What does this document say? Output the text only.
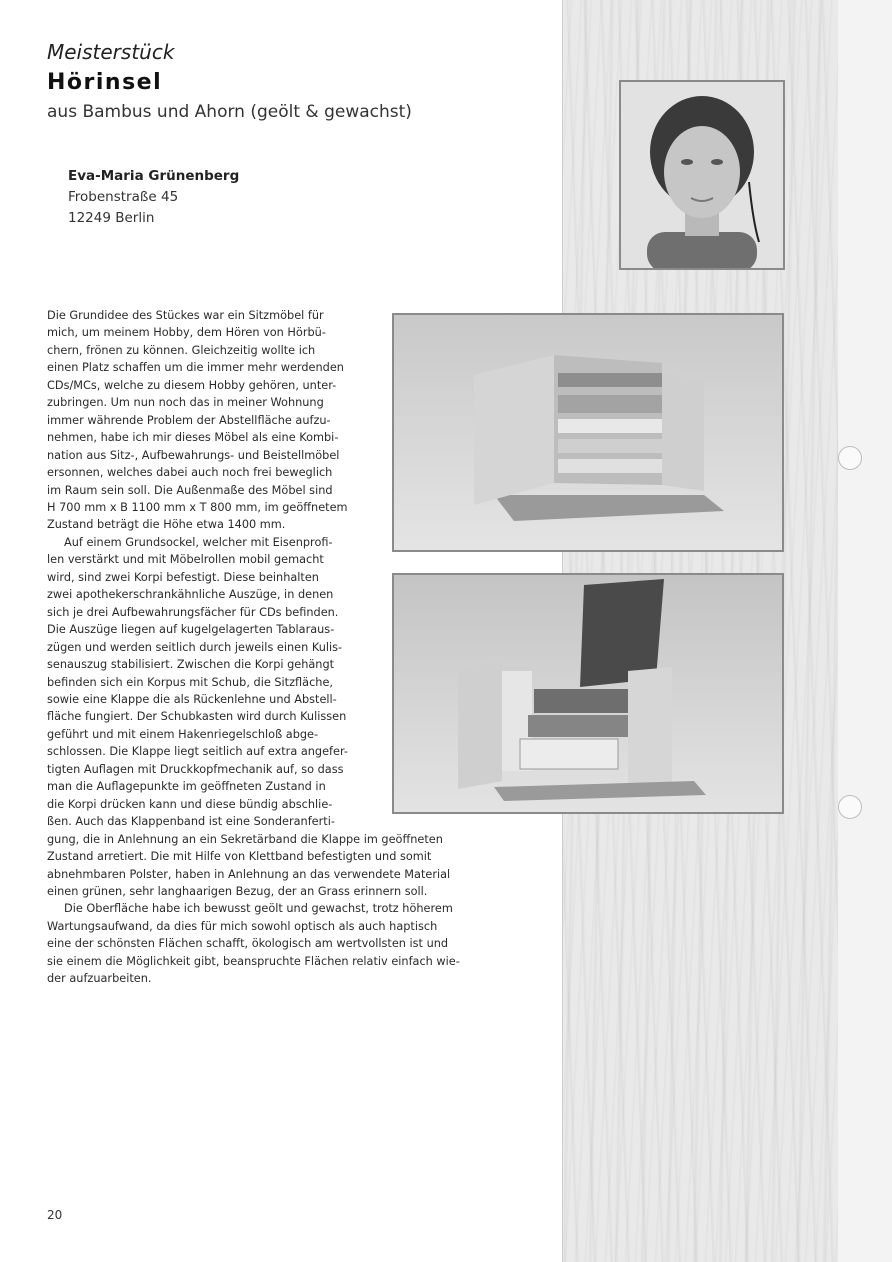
Meisterstück
Hörinsel
aus Bambus und Ahorn (geölt & gewachst)
Eva-Maria Grünenberg
Frobenstraße 45
12249 Berlin
Die Grundidee des Stückes war ein Sitzmöbel für
mich, um meinem Hobby, dem Hören von Hörbü-
chern, frönen zu können. Gleichzeitig wollte ich
einen Platz schaffen um die immer mehr werdenden
CDs/MCs, welche zu diesem Hobby gehören, unter-
zubringen. Um nun noch das in meiner Wohnung
immer währende Problem der Abstellfläche aufzu-
nehmen, habe ich mir dieses Möbel als eine Kombi-
nation aus Sitz-, Aufbewahrungs- und Beistellmöbel
ersonnen, welches dabei auch noch frei beweglich
im Raum sein soll. Die Außenmaße des Möbel sind
H 700 mm x B 1100 mm x T 800 mm, im geöffnetem
Zustand beträgt die Höhe etwa 1400 mm.
Auf einem Grundsockel, welcher mit Eisenprofi-
len verstärkt und mit Möbelrollen mobil gemacht
wird, sind zwei Korpi befestigt. Diese beinhalten
zwei apothekerschrankähnliche Auszüge, in denen
sich je drei Aufbewahrungsfächer für CDs befinden.
Die Auszüge liegen auf kugelgelagerten Tablaraus-
zügen und werden seitlich durch jeweils einen Kulis-
senauszug stabilisiert. Zwischen die Korpi gehängt
befinden sich ein Korpus mit Schub, die Sitzfläche,
sowie eine Klappe die als Rückenlehne und Abstell-
fläche fungiert. Der Schubkasten wird durch Kulissen
geführt und mit einem Hakenriegelschloß abge-
schlossen. Die Klappe liegt seitlich auf extra angefer-
tigten Auflagen mit Druckkopfmechanik auf, so dass
man die Auflagepunkte im geöffneten Zustand in
die Korpi drücken kann und diese bündig abschlie-
ßen. Auch das Klappenband ist eine Sonderanferti-
gung, die in Anlehnung an ein Sekretärband die Klappe im geöffneten
Zustand arretiert. Die mit Hilfe von Klettband befestigten und somit
abnehmbaren Polster, haben in Anlehnung an das verwendete Material
einen grünen, sehr langhaarigen Bezug, der an Grass erinnern soll.
Die Oberfläche habe ich bewusst geölt und gewachst, trotz höherem
Wartungsaufwand, da dies für mich sowohl optisch als auch haptisch
eine der schönsten Flächen schafft, ökologisch am wertvollsten ist und
sie einem die Möglichkeit gibt, beanspruchte Flächen relativ einfach wie-
der aufzuarbeiten.
20
